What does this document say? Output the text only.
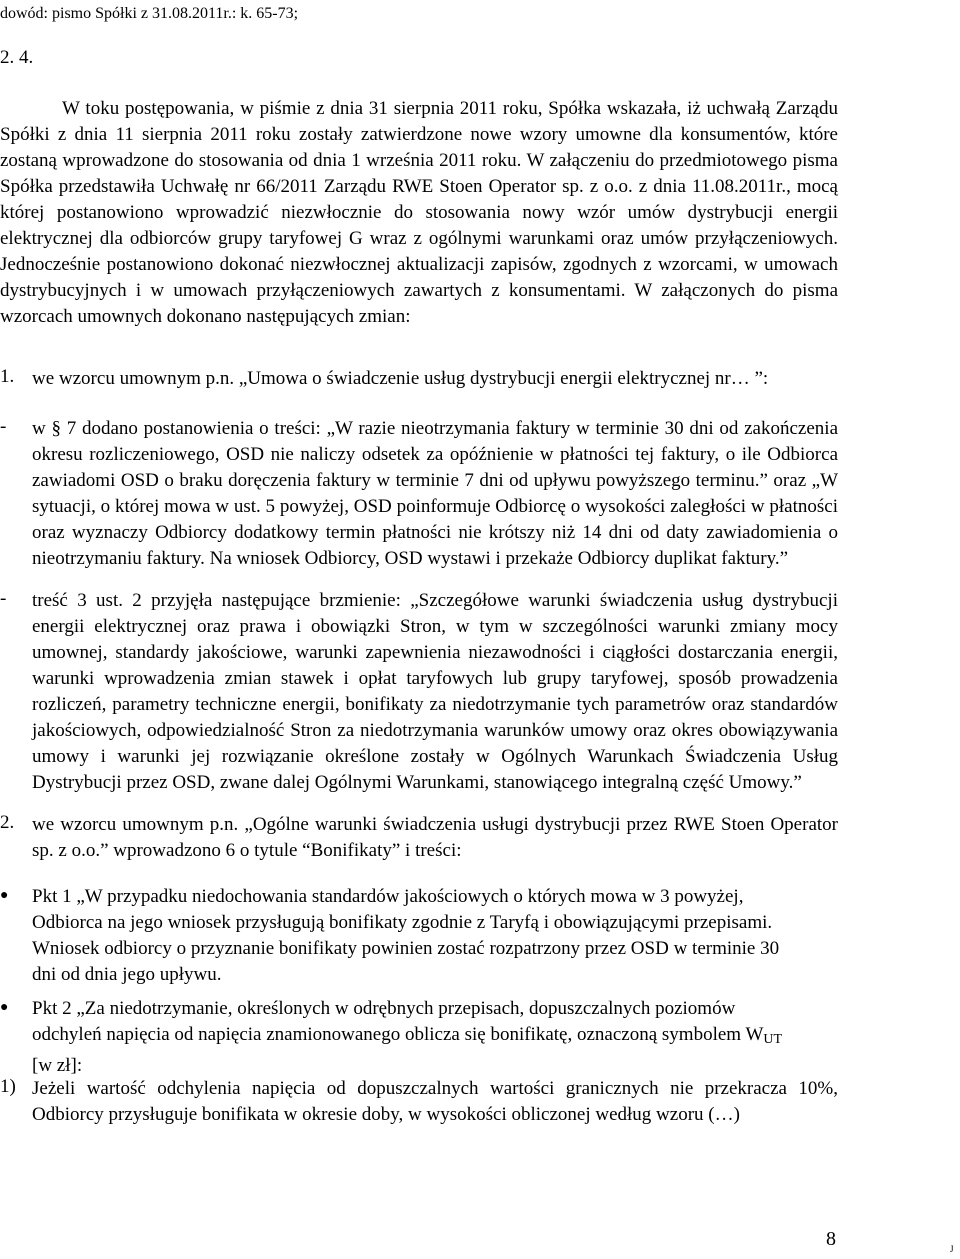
dowód: pismo Spółki z 31.08.2011r.: k. 65-73;
2. 4.

W toku postępowania, w piśmie z dnia 31 sierpnia 2011 roku, Spółka wskazała, iż uchwałą Zarządu Spółki z dnia 11 sierpnia 2011 roku zostały zatwierdzone nowe wzory umowne dla konsumentów, które zostaną wprowadzone do stosowania od dnia 1 września 2011 roku. W załączeniu do przedmiotowego pisma Spółka przedstawiła Uchwałę nr 66/2011 Zarządu RWE Stoen Operator sp. z o.o. z dnia 11.08.2011r., mocą której postanowiono wprowadzić niezwłocznie do stosowania nowy wzór umów dystrybucji energii elektrycznej dla odbiorców grupy taryfowej G wraz z ogólnymi warunkami oraz umów przyłączeniowych. Jednocześnie postanowiono dokonać niezwłocznej aktualizacji zapisów, zgodnych z wzorcami, w umowach dystrybucyjnych i w umowach przyłączeniowych zawartych z konsumentami. W załączonych do pisma wzorcach umownych dokonano następujących zmian:

1. we wzorcu umownym p.n. „Umowa o świadczenie usług dystrybucji energii elektrycznej nr… ”:

- w § 7 dodano postanowienia o treści: „W razie nieotrzymania faktury w terminie 30 dni od zakończenia okresu rozliczeniowego, OSD nie naliczy odsetek za opóźnienie w płatności tej faktury, o ile Odbiorca zawiadomi OSD o braku doręczenia faktury w terminie 7 dni od upływu powyższego terminu.” oraz „W sytuacji, o której mowa w ust. 5 powyżej, OSD poinformuje Odbiorcę o wysokości zaległości w płatności oraz wyznaczy Odbiorcy dodatkowy termin płatności nie krótszy niż 14 dni od daty zawiadomienia o nieotrzymaniu faktury. Na wniosek Odbiorcy, OSD wystawi i przekaże Odbiorcy duplikat faktury.”

- treść 3 ust. 2 przyjęła następujące brzmienie: „Szczegółowe warunki świadczenia usług dystrybucji energii elektrycznej oraz prawa i obowiązki Stron, w tym w szczególności warunki zmiany mocy umownej, standardy jakościowe, warunki zapewnienia niezawodności i ciągłości dostarczania energii, warunki wprowadzenia zmian stawek i opłat taryfowych lub grupy taryfowej, sposób prowadzenia rozliczeń, parametry techniczne energii, bonifikaty za niedotrzymanie tych parametrów oraz standardów jakościowych, odpowiedzialność Stron za niedotrzymania warunków umowy oraz okres obowiązywania umowy i warunki jej rozwiązanie określone zostały w Ogólnych Warunkach Świadczenia Usług Dystrybucji przez OSD, zwane dalej Ogólnymi Warunkami, stanowiącego integralną część Umowy.”

2. we wzorcu umownym p.n. „Ogólne warunki świadczenia usługi dystrybucji przez RWE Stoen Operator sp. z o.o.” wprowadzono 6 o tytule “Bonifikaty” i treści:

● Pkt 1 „W przypadku niedochowania standardów jakościowych o których mowa w 3 powyżej, Odbiorca na jego wniosek przysługują bonifikaty zgodnie z Taryfą i obowiązującymi przepisami. Wniosek odbiorcy o przyznanie bonifikaty powinien zostać rozpatrzony przez OSD w terminie 30 dni od dnia jego upływu.

● Pkt 2 „Za niedotrzymanie, określonych w odrębnych przepisach, dopuszczalnych poziomów odchyleń napięcia od napięcia znamionowanego oblicza się bonifikatę, oznaczoną symbolem $W_{UT}$ [w zł]:

1) Jeżeli wartość odchylenia napięcia od dopuszczalnych wartości granicznych nie przekracza 10%, Odbiorcy przysługuje bonifikata w okresie doby, w wysokości obliczonej według wzoru (…)

8	J
